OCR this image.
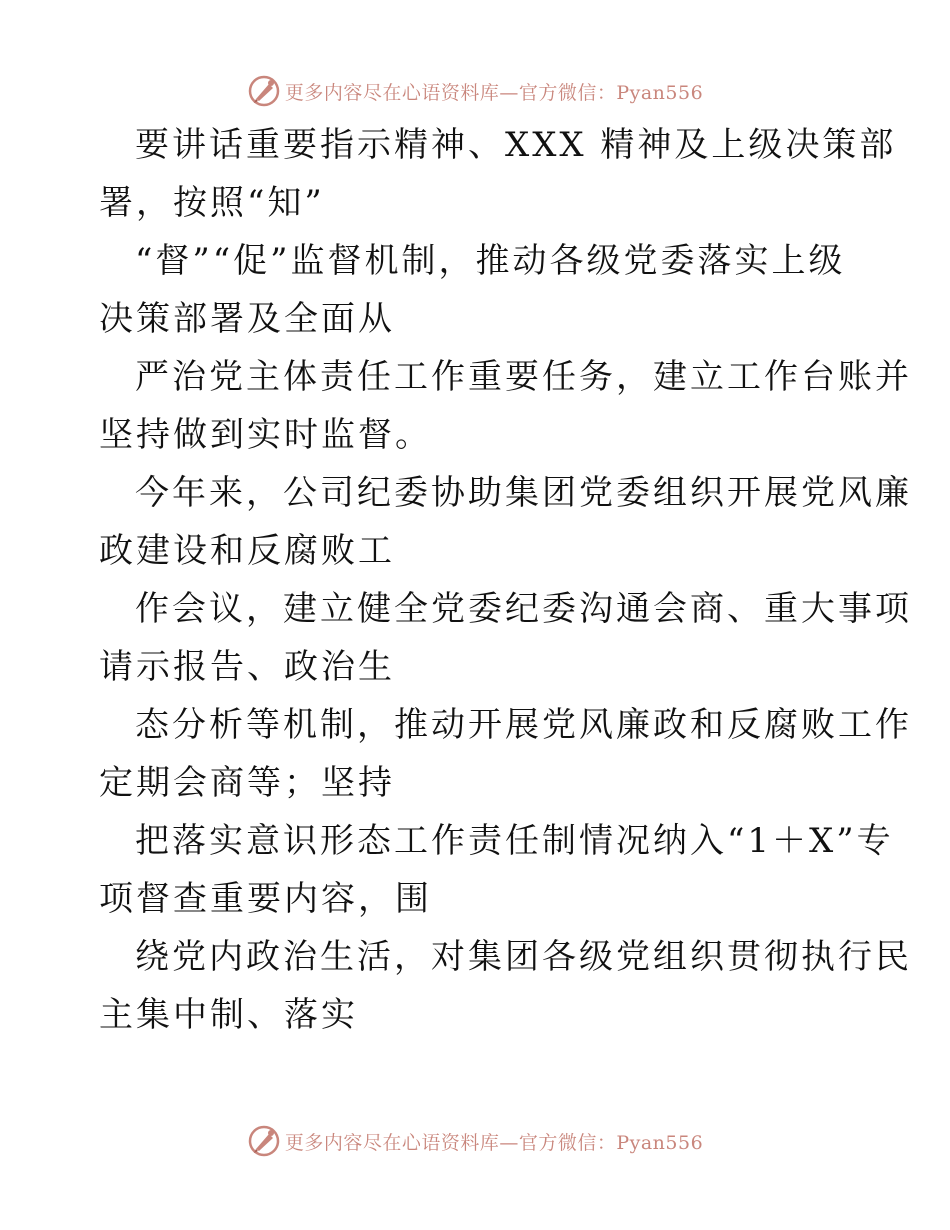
更多内容尽在心语资料库—官方微信：Pyan556
要讲话重要指示精神、XXX 精神及上级决策部
署，按照“知”
“督”“促”监督机制，推动各级党委落实上级
决策部署及全面从
严治党主体责任工作重要任务，建立工作台账并
坚持做到实时监督。
今年来，公司纪委协助集团党委组织开展党风廉
政建设和反腐败工
作会议，建立健全党委纪委沟通会商、重大事项
请示报告、政治生
态分析等机制，推动开展党风廉政和反腐败工作
定期会商等；坚持
把落实意识形态工作责任制情况纳入“1＋X”专
项督查重要内容，围
绕党内政治生活，对集团各级党组织贯彻执行民
主集中制、落实
更多内容尽在心语资料库—官方微信：Pyan556
